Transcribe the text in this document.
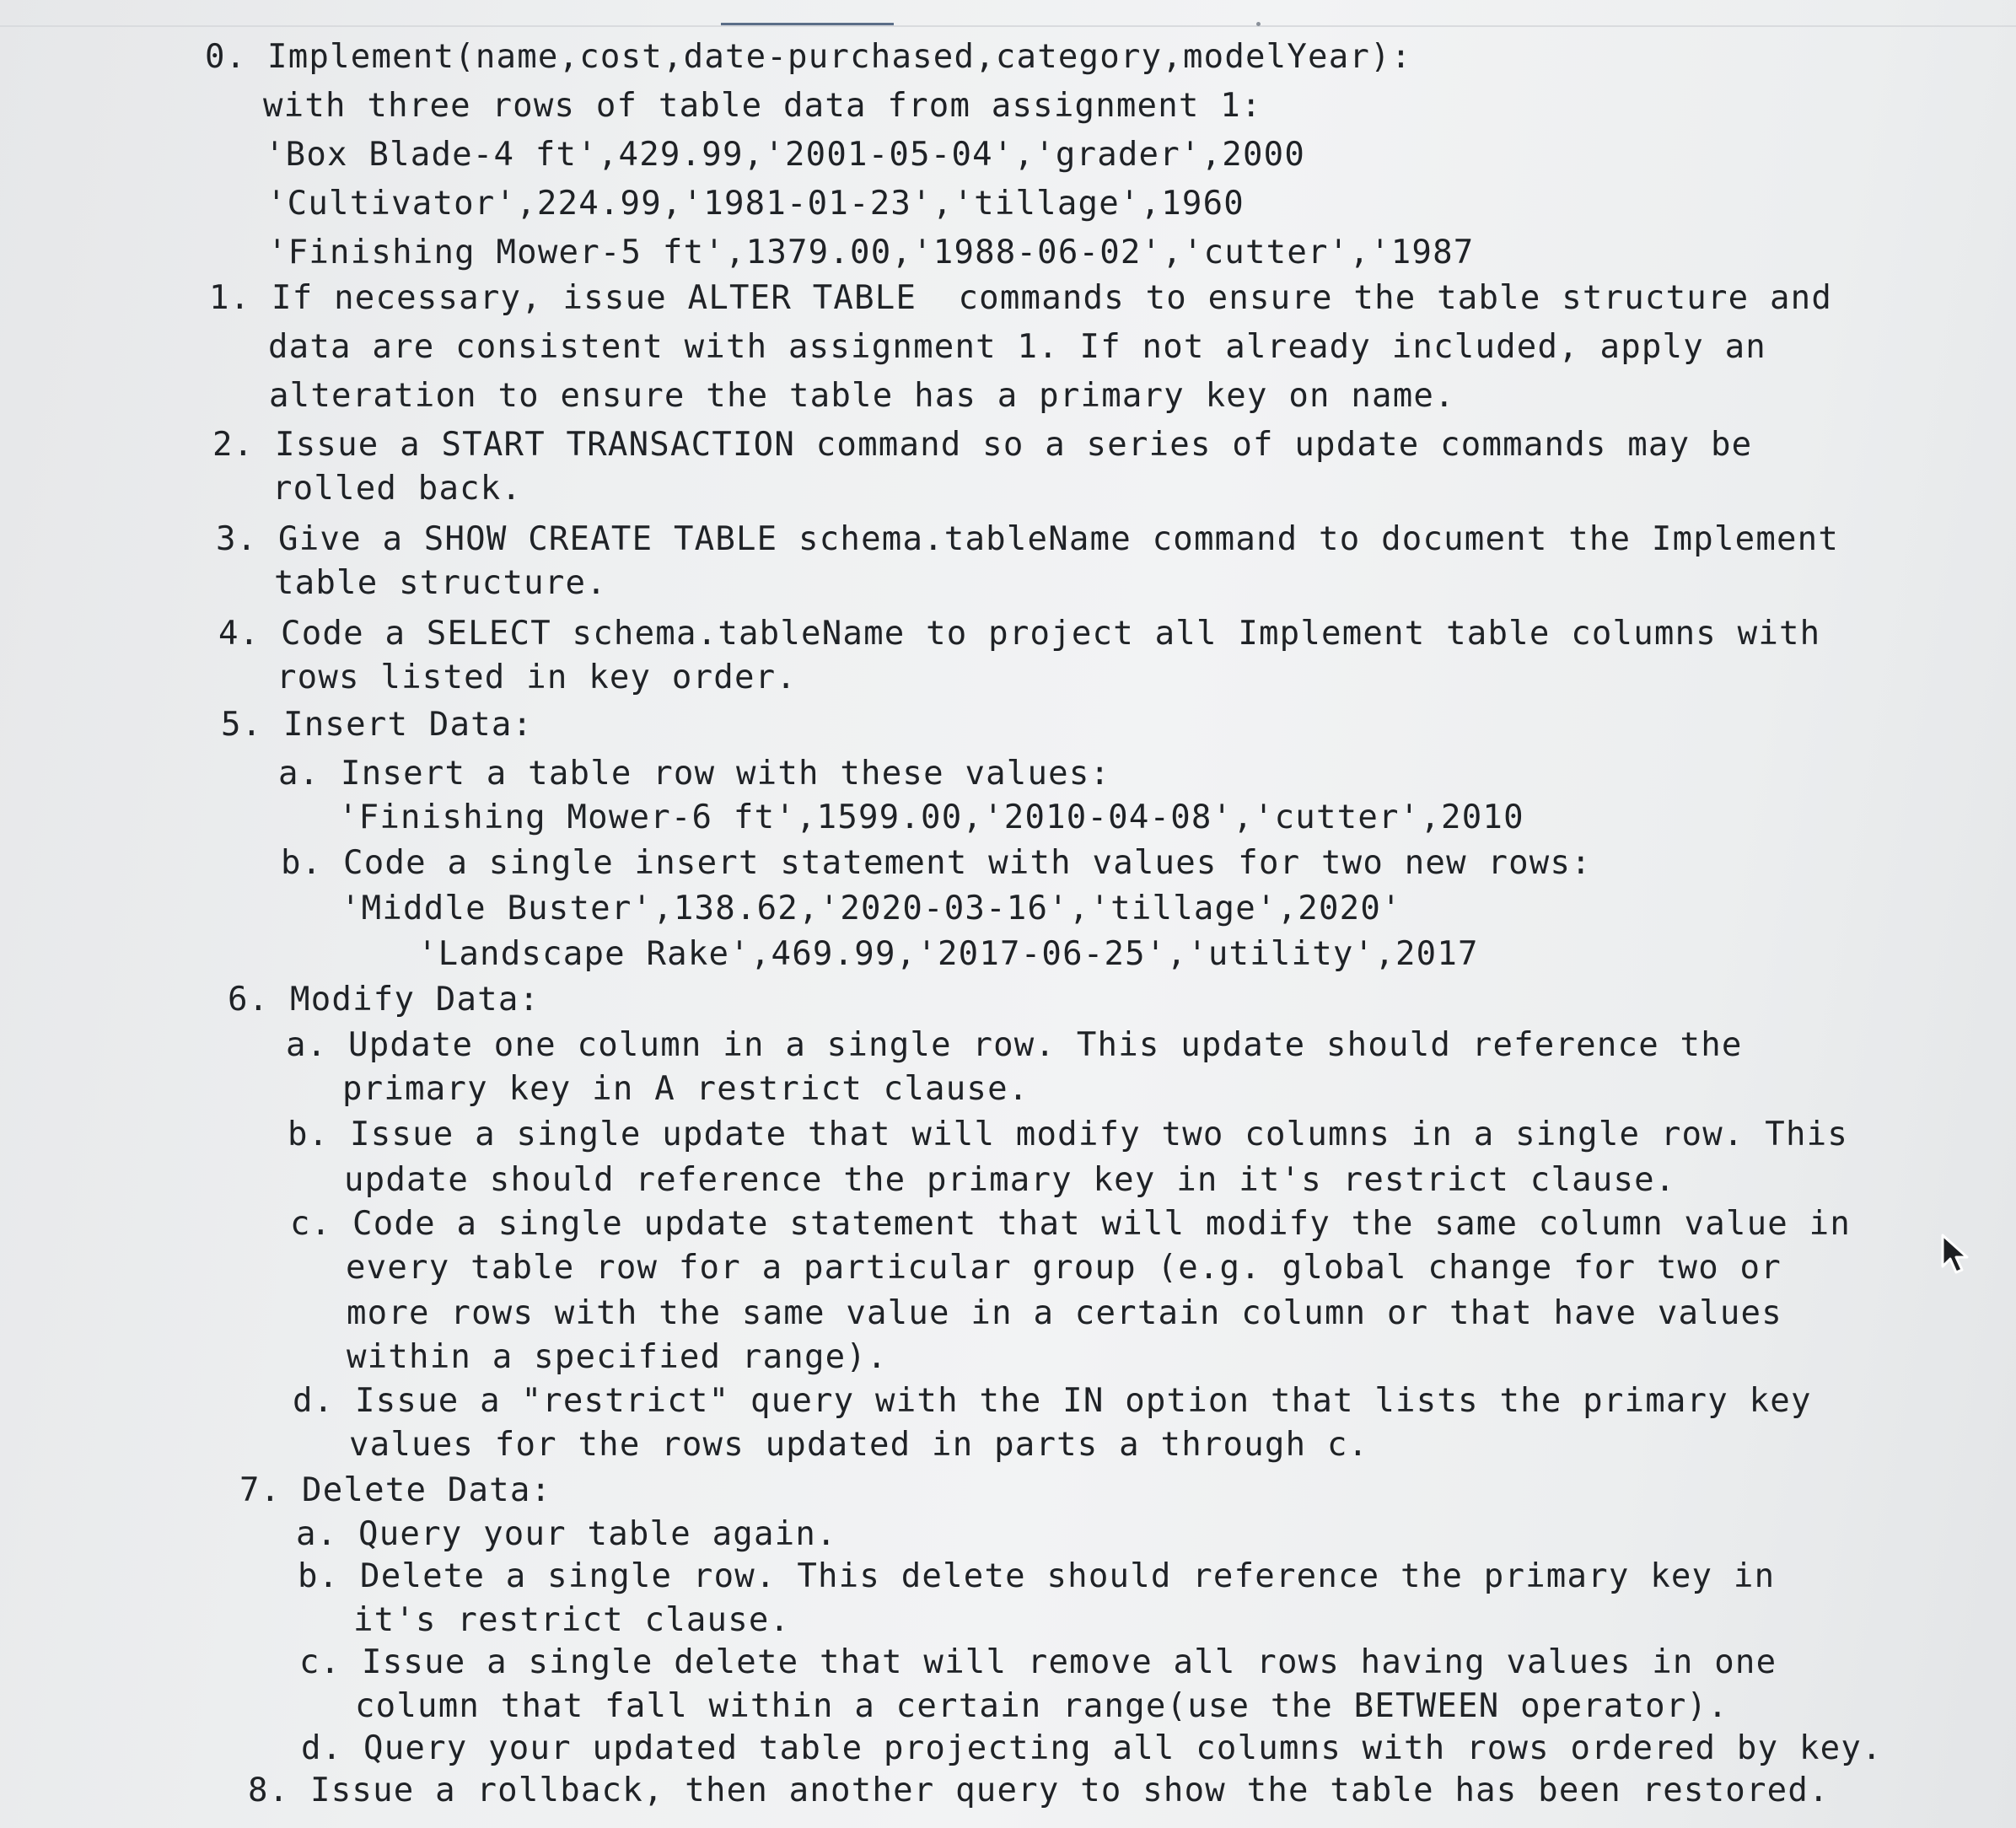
0. Implement(name,cost,date-purchased,category,modelYear):
with three rows of table data from assignment 1:
'Box Blade-4 ft',429.99,'2001-05-04','grader',2000
'Cultivator',224.99,'1981-01-23','tillage',1960
'Finishing Mower-5 ft',1379.00,'1988-06-02','cutter','1987
1. If necessary, issue ALTER TABLE  commands to ensure the table structure and
data are consistent with assignment 1. If not already included, apply an
alteration to ensure the table has a primary key on name.
2. Issue a START TRANSACTION command so a series of update commands may be
rolled back.
3. Give a SHOW CREATE TABLE schema.tableName command to document the Implement
table structure.
4. Code a SELECT schema.tableName to project all Implement table columns with
rows listed in key order.
5. Insert Data:
a. Insert a table row with these values:
'Finishing Mower-6 ft',1599.00,'2010-04-08','cutter',2010
b. Code a single insert statement with values for two new rows:
'Middle Buster',138.62,'2020-03-16','tillage',2020'
'Landscape Rake',469.99,'2017-06-25','utility',2017
6. Modify Data:
a. Update one column in a single row. This update should reference the
primary key in A restrict clause.
b. Issue a single update that will modify two columns in a single row. This
update should reference the primary key in it's restrict clause.
c. Code a single update statement that will modify the same column value in
every table row for a particular group (e.g. global change for two or
more rows with the same value in a certain column or that have values
within a specified range).
d. Issue a "restrict" query with the IN option that lists the primary key
values for the rows updated in parts a through c.
7. Delete Data:
a. Query your table again.
b. Delete a single row. This delete should reference the primary key in
it's restrict clause.
c. Issue a single delete that will remove all rows having values in one
column that fall within a certain range(use the BETWEEN operator).
d. Query your updated table projecting all columns with rows ordered by key.
8. Issue a rollback, then another query to show the table has been restored.
